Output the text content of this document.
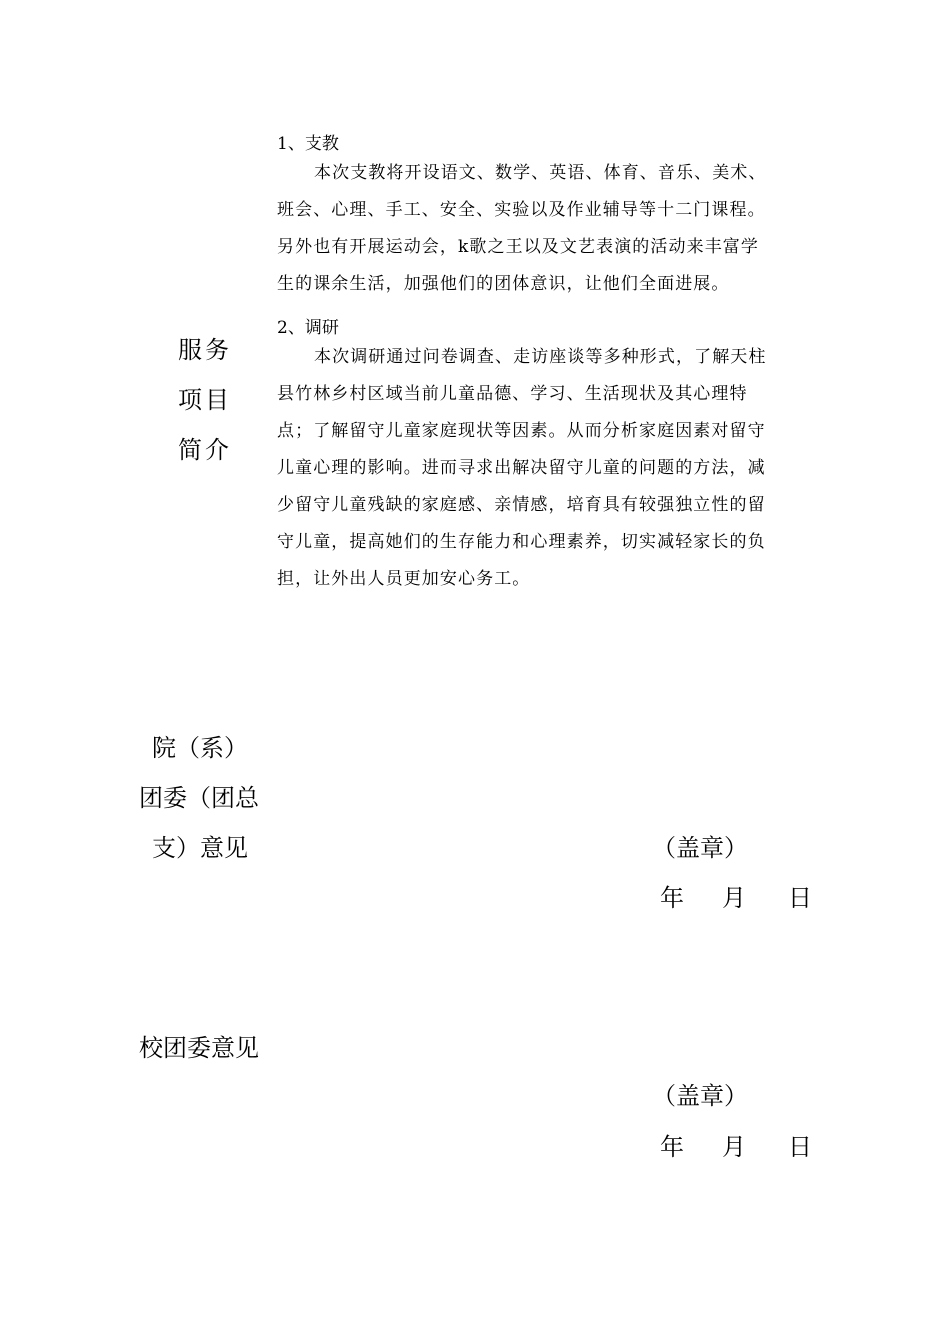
服务
项目
简介
1、支教
本次支教将开设语文、数学、英语、体育、音乐、美术、
班会、心理、手工、安全、实验以及作业辅导等十二门课程。
另外也有开展运动会，k歌之王以及文艺表演的活动来丰富学
生的课余生活，加强他们的团体意识，让他们全面进展。
2、调研
本次调研通过问卷调查、走访座谈等多种形式，了解天柱
县竹林乡村区域当前儿童品德、学习、生活现状及其心理特
点；了解留守儿童家庭现状等因素。从而分析家庭因素对留守
儿童心理的影响。进而寻求出解决留守儿童的问题的方法，减
少留守儿童残缺的家庭感、亲情感，培育具有较强独立性的留
守儿童，提高她们的生存能力和心理素养，切实减轻家长的负
担，让外出人员更加安心务工。
院（系）
团委（团总
支）意见	（盖章）
年 月 日
校团委意见
（盖章）
年 月 日
